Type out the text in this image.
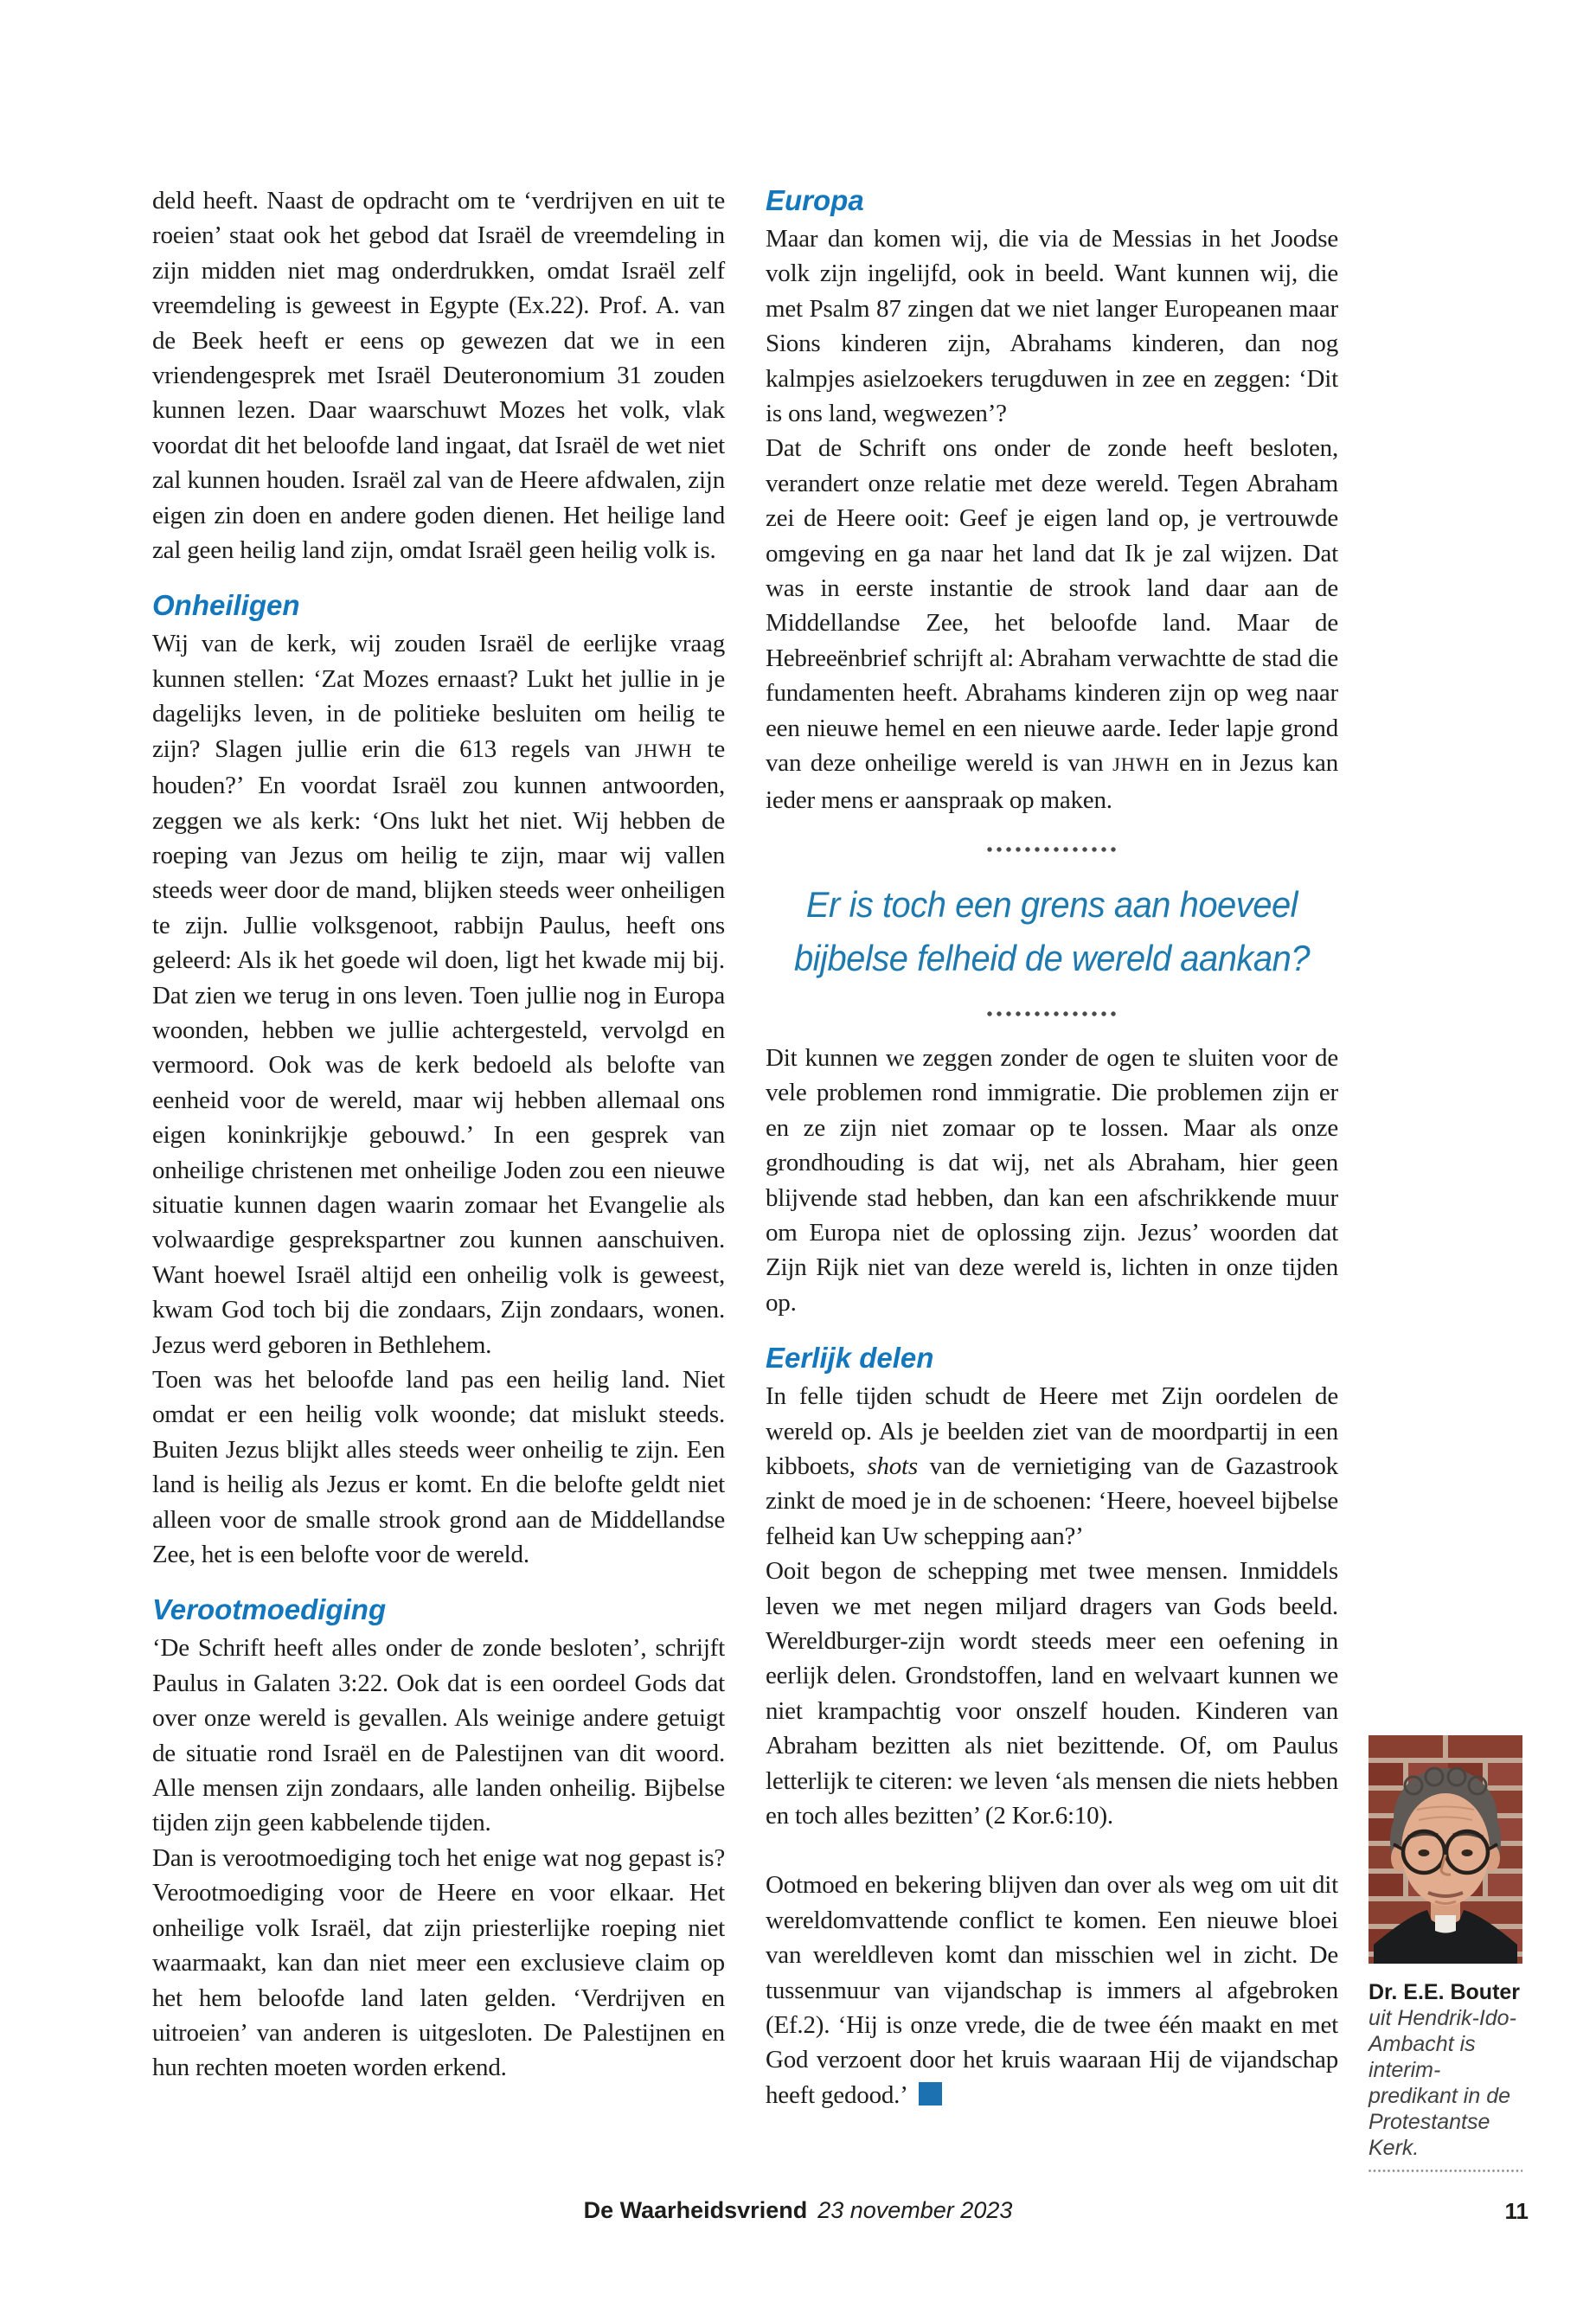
deld heeft. Naast de opdracht om te ‘verdrijven en uit te roeien’ staat ook het gebod dat Israël de vreemdeling in zijn midden niet mag onderdrukken, omdat Israël zelf vreemdeling is geweest in Egypte (Ex.22). Prof. A. van de Beek heeft er eens op gewezen dat we in een vriendengesprek met Israël Deuteronomium 31 zouden kunnen lezen. Daar waarschuwt Mozes het volk, vlak voordat dit het beloofde land ingaat, dat Israël de wet niet zal kunnen houden. Israël zal van de Heere afdwalen, zijn eigen zin doen en andere goden dienen. Het heilige land zal geen heilig land zijn, omdat Israël geen heilig volk is.

Onheiligen

Wij van de kerk, wij zouden Israël de eerlijke vraag kunnen stellen: ‘Zat Mozes ernaast? Lukt het jullie in je dagelijks leven, in de politieke besluiten om heilig te zijn? Slagen jullie erin die 613 regels van JHWH te houden?’ En voordat Israël zou kunnen antwoorden, zeggen we als kerk: ‘Ons lukt het niet. Wij hebben de roeping van Jezus om heilig te zijn, maar wij vallen steeds weer door de mand, blijken steeds weer onheiligen te zijn. Jullie volksgenoot, rabbijn Paulus, heeft ons geleerd: Als ik het goede wil doen, ligt het kwade mij bij. Dat zien we terug in ons leven. Toen jullie nog in Europa woonden, hebben we jullie achtergesteld, vervolgd en vermoord. Ook was de kerk bedoeld als belofte van eenheid voor de wereld, maar wij hebben allemaal ons eigen koninkrijkje gebouwd.’ In een gesprek van onheilige christenen met onheilige Joden zou een nieuwe situatie kunnen dagen waarin zomaar het Evangelie als volwaardige gesprekspartner zou kunnen aanschuiven. Want hoewel Israël altijd een onheilig volk is geweest, kwam God toch bij die zondaars, Zijn zondaars, wonen. Jezus werd geboren in Bethlehem.

Toen was het beloofde land pas een heilig land. Niet omdat er een heilig volk woonde; dat mislukt steeds. Buiten Jezus blijkt alles steeds weer onheilig te zijn. Een land is heilig als Jezus er komt. En die belofte geldt niet alleen voor de smalle strook grond aan de Middellandse Zee, het is een belofte voor de wereld.

Verootmoediging

‘De Schrift heeft alles onder de zonde besloten’, schrijft Paulus in Galaten 3:22. Ook dat is een oordeel Gods dat over onze wereld is gevallen. Als weinige andere getuigt de situatie rond Israël en de Palestijnen van dit woord. Alle mensen zijn zondaars, alle landen onheilig. Bijbelse tijden zijn geen kabbelende tijden.

Dan is verootmoediging toch het enige wat nog gepast is? Verootmoediging voor de Heere en voor elkaar. Het onheilige volk Israël, dat zijn priesterlijke roeping niet waarmaakt, kan dan niet meer een exclusieve claim op het hem beloofde land laten gelden. ‘Verdrijven en uitroeien’ van anderen is uitgesloten. De Palestijnen en hun rechten moeten worden erkend.

Europa

Maar dan komen wij, die via de Messias in het Joodse volk zijn ingelijfd, ook in beeld. Want kunnen wij, die met Psalm 87 zingen dat we niet langer Europeanen maar Sions kinderen zijn, Abrahams kinderen, dan nog kalmpjes asielzoekers terugduwen in zee en zeggen: ‘Dit is ons land, wegwezen’?

Dat de Schrift ons onder de zonde heeft besloten, verandert onze relatie met deze wereld. Tegen Abraham zei de Heere ooit: Geef je eigen land op, je vertrouwde omgeving en ga naar het land dat Ik je zal wijzen. Dat was in eerste instantie de strook land daar aan de Middellandse Zee, het beloofde land. Maar de Hebreeënbrief schrijft al: Abraham verwachtte de stad die fundamenten heeft. Abrahams kinderen zijn op weg naar een nieuwe hemel en een nieuwe aarde. Ieder lapje grond van deze onheilige wereld is van JHWH en in Jezus kan ieder mens er aanspraak op maken.

Er is toch een grens aan hoeveel
bijbelse felheid de wereld aankan?

Dit kunnen we zeggen zonder de ogen te sluiten voor de vele problemen rond immigratie. Die problemen zijn er en ze zijn niet zomaar op te lossen. Maar als onze grondhouding is dat wij, net als Abraham, hier geen blijvende stad hebben, dan kan een afschrikkende muur om Europa niet de oplossing zijn. Jezus’ woorden dat Zijn Rijk niet van deze wereld is, lichten in onze tijden op.

Eerlijk delen

In felle tijden schudt de Heere met Zijn oordelen de wereld op. Als je beelden ziet van de moordpartij in een kibboets, shots van de vernietiging van de Gazastrook zinkt de moed je in de schoenen: ‘Heere, hoeveel bijbelse felheid kan Uw schepping aan?’

Ooit begon de schepping met twee mensen. Inmiddels leven we met negen miljard dragers van Gods beeld. Wereldburger-zijn wordt steeds meer een oefening in eerlijk delen. Grondstoffen, land en welvaart kunnen we niet krampachtig voor onszelf houden. Kinderen van Abraham bezitten als niet bezittende. Of, om Paulus letterlijk te citeren: we leven ‘als mensen die niets hebben en toch alles bezitten’ (2 Kor.6:10).

Ootmoed en bekering blijven dan over als weg om uit dit wereldomvattende conflict te komen. Een nieuwe bloei van wereldleven komt dan misschien wel in zicht. De tussenmuur van vijandschap is immers al afgebroken (Ef.2). ‘Hij is onze vrede, die de twee één maakt en met God verzoent door het kruis waaraan Hij de vijandschap heeft gedood.’

Dr. E.E. Bouter
uit Hendrik-Ido-Ambacht is interim-predikant in de Protestantse Kerk.
De Waarheidsvriend 23 november 2023	11
